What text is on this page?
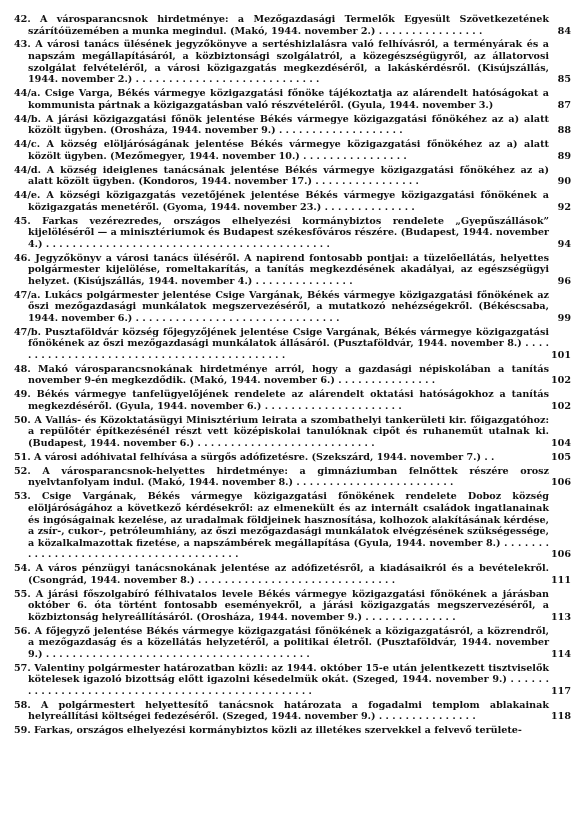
42. A városparancsnok hirdetménye: a Mezőgazdasági Termelők Egyesült Szövetkezetének szárítóüzemében a munka megindul. (Makó, 1944. november 2.) . . . . . . . . . . . . . . . .	84
43. A városi tanács ülésének jegyzőkönyve a sertéshizlalásra való felhívásról, a terményárak és a napszám megállapításáról, a közbiztonsági szolgálatról, a közegészségügyről, az állatorvosi szolgálat felvételéről, a városi közigazgatás megkezdéséről, a lakáskérdésről. (Kisújszállás, 1944. november 2.) . . . . . . . . . . . . . . . . . . . . . . . . . . . .	85
44/a. Csige Varga, Békés vármegye közigazgatási főnöke tájékoztatja az alárendelt hatóságokat a kommunista pártnak a közigazgatásban való részvételéről. (Gyula, 1944. november 3.)	87
44/b. A járási közigazgatási főnök jelentése Békés vármegye közigazgatási főnökéhez az a) alatt közölt ügyben. (Orosháza, 1944. november 9.) . . . . . . . . . . . . . . . . . . .	88
44/c. A község elöljáróságának jelentése Békés vármegye közigazgatási főnökéhez az a) alatt közölt ügyben. (Mezőmegyer, 1944. november 10.) . . . . . . . . . . . . . . . .	89
44/d. A község ideiglenes tanácsának jelentése Békés vármegye közigazgatási főnökéhez az a) alatt közölt ügyben. (Kondoros, 1944. november 17.) . . . . . . . . . . . . . . . .	90
44/e. A községi közigazgatás vezetőjének jelentése Békés vármegye közigazgatási főnökének a közigazgatás menetéről. (Gyoma, 1944. november 23.) . . . . . . . . . . . . . .	92
45. Farkas vezérezredes, országos elhelyezési kormánybiztos rendelete „Gyepűszállások” kijelöléséről — a minisztériumok és Budapest székesfőváros részére. (Budapest, 1944. november 4.) . . . . . . . . . . . . . . . . . . . . . . . . . . . . . . . . . . . . . . . . . . .	94
46. Jegyzőkönyv a városi tanács üléséről. A napirend fontosabb pontjai: a tüzelőellátás, helyettes polgármester kijelölése, romeltakarítás, a tanítás megkezdésének akadályai, az egészségügyi helyzet. (Kisújszállás, 1944. november 4.) . . . . . . . . . . . . . . .	96
47/a. Lukács polgármester jelentése Csige Vargának, Békés vármegye közigazgatási főnökének az őszi mezőgazdasági munkálatok megszervezéséről, a mutatkozó nehézségekről. (Békéscsaba, 1944. november 6.) . . . . . . . . . . . . . . . . . . . . . . . . . . . . . . .	99
47/b. Pusztaföldvár község főjegyzőjének jelentése Csige Vargának, Békés vármegye közigazgatási főnökének az őszi mezőgazdasági munkálatok állásáról. (Pusztaföldvár, 1944. november 8.) . . . . . . . . . . . . . . . . . . . . . . . . . . . . . . . . . . . . . . . . . . .	101
48. Makó városparancsnokának hirdetménye arról, hogy a gazdasági népiskolában a tanítás november 9-én megkezdődik. (Makó, 1944. november 6.) . . . . . . . . . . . . . . .	102
49. Békés vármegye tanfelügyelőjének rendelete az alárendelt oktatási hatóságokhoz a tanítás megkezdéséről. (Gyula, 1944. november 6.) . . . . . . . . . . . . . . . . . . . . .	102
50. A Vallás- és Közoktatásügyi Minisztérium leirata a szombathelyi tankerületi kir. főigazgatóhoz: a repülőtér építkezésénél részt vett középiskolai tanulóknak cipőt és ruhaneműt utalnak ki. (Budapest, 1944. november 6.) . . . . . . . . . . . . . . . . . . . . . . . . . . .	104
51. A városi adóhivatal felhívása a sürgős adófizetésre. (Szekszárd, 1944. november 7.) . .	105
52. A városparancsnok-helyettes hirdetménye: a gimnáziumban felnőttek részére orosz nyelvtanfolyam indul. (Makó, 1944. november 8.) . . . . . . . . . . . . . . . . . . . . . . . .	106
53. Csige Vargának, Békés vármegye közigazgatási főnökének rendelete Doboz község elöljáróságához a következő kérdésekről: az elmenekült és az internált családok ingatlanainak és ingóságainak kezelése, az uradalmak földjeinek hasznosítása, kolhozok alakításának kérdése, a zsír-, cukor-, petróleumhiány, az őszi mezőgazdasági munkálatok elvégzésének szükségessége, a közalkalmazottak fizetése, a napszámbérek megállapítása (Gyula, 1944. november 8.) . . . . . . . . . . . . . . . . . . . . . . . . . . . . . . . . . . . . . . .	106
54. A város pénzügyi tanácsnokának jelentése az adófizetésről, a kiadásaikról és a bevételekről. (Csongrád, 1944. november 8.) . . . . . . . . . . . . . . . . . . . . . . . . . . . . . .	111
55. A járási főszolgabíró félhivatalos levele Békés vármegye közigazgatási főnökének a járásban október 6. óta történt fontosabb eseményekről, a járási közigazgatás megszervezéséről, a közbiztonság helyreállításáról. (Orosháza, 1944. november 9.) . . . . . . . . . . . . . .	113
56. A főjegyző jelentése Békés vármegye közigazgatási főnökének a közigazgatásról, a közrendről, a mezőgazdaság és a közellátás helyzetéről, a politikai életről. (Pusztaföldvár, 1944. november 9.) . . . . . . . . . . . . . . . . . . . . . . . . . . . . . . . . . . . . . . . .	114
57. Valentiny polgármester határozatban közli: az 1944. október 15-e után jelentkezett tisztviselők kötelesek igazoló bizottság előtt igazolni késedelmük okát. (Szeged, 1944. november 9.) . . . . . . . . . . . . . . . . . . . . . . . . . . . . . . . . . . . . . . . . . . . . . . . . .	117
58. A polgármestert helyettesítő tanácsnok határozata a fogadalmi templom ablakainak helyreállítási költségei fedezéséről. (Szeged, 1944. november 9.) . . . . . . . . . . . . . . .	118
59. Farkas, országos elhelyezési kormánybiztos közli az illetékes szervekkel a felvevő területe-
